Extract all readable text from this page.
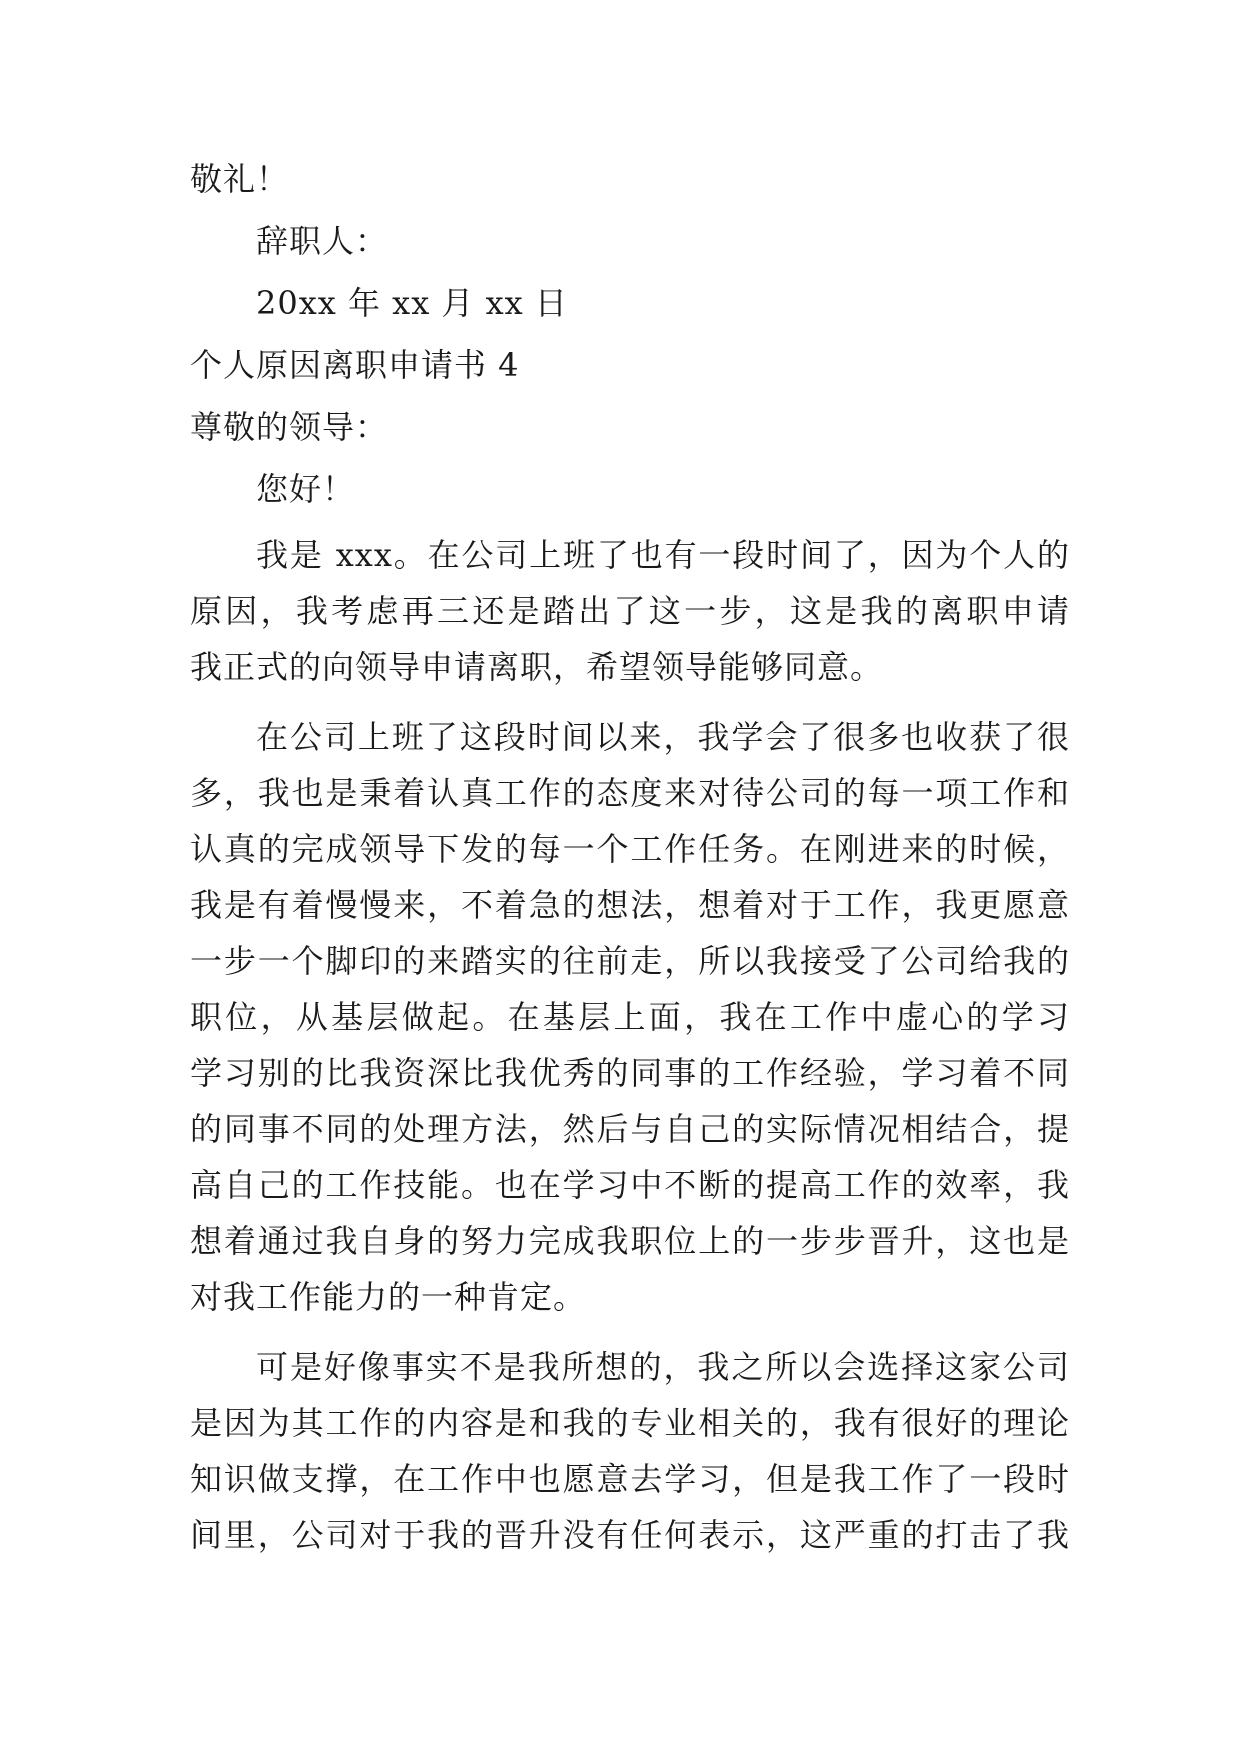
敬礼！
辞职人：
20xx 年 xx 月 xx 日
个人原因离职申请书 4
尊敬的领导：
您好！
我是 xxx。在公司上班了也有一段时间了，因为个人的
原因，我考虑再三还是踏出了这一步，这是我的离职申请
我正式的向领导申请离职，希望领导能够同意。
在公司上班了这段时间以来，我学会了很多也收获了很
多，我也是秉着认真工作的态度来对待公司的每一项工作和
认真的完成领导下发的每一个工作任务。在刚进来的时候，
我是有着慢慢来，不着急的想法，想着对于工作，我更愿意
一步一个脚印的来踏实的往前走，所以我接受了公司给我的
职位，从基层做起。在基层上面，我在工作中虚心的学习
学习别的比我资深比我优秀的同事的工作经验，学习着不同
的同事不同的处理方法，然后与自己的实际情况相结合，提
高自己的工作技能。也在学习中不断的提高工作的效率，我
想着通过我自身的努力完成我职位上的一步步晋升，这也是
对我工作能力的一种肯定。
可是好像事实不是我所想的，我之所以会选择这家公司
是因为其工作的内容是和我的专业相关的，我有很好的理论
知识做支撑，在工作中也愿意去学习，但是我工作了一段时
间里，公司对于我的晋升没有任何表示，这严重的打击了我
